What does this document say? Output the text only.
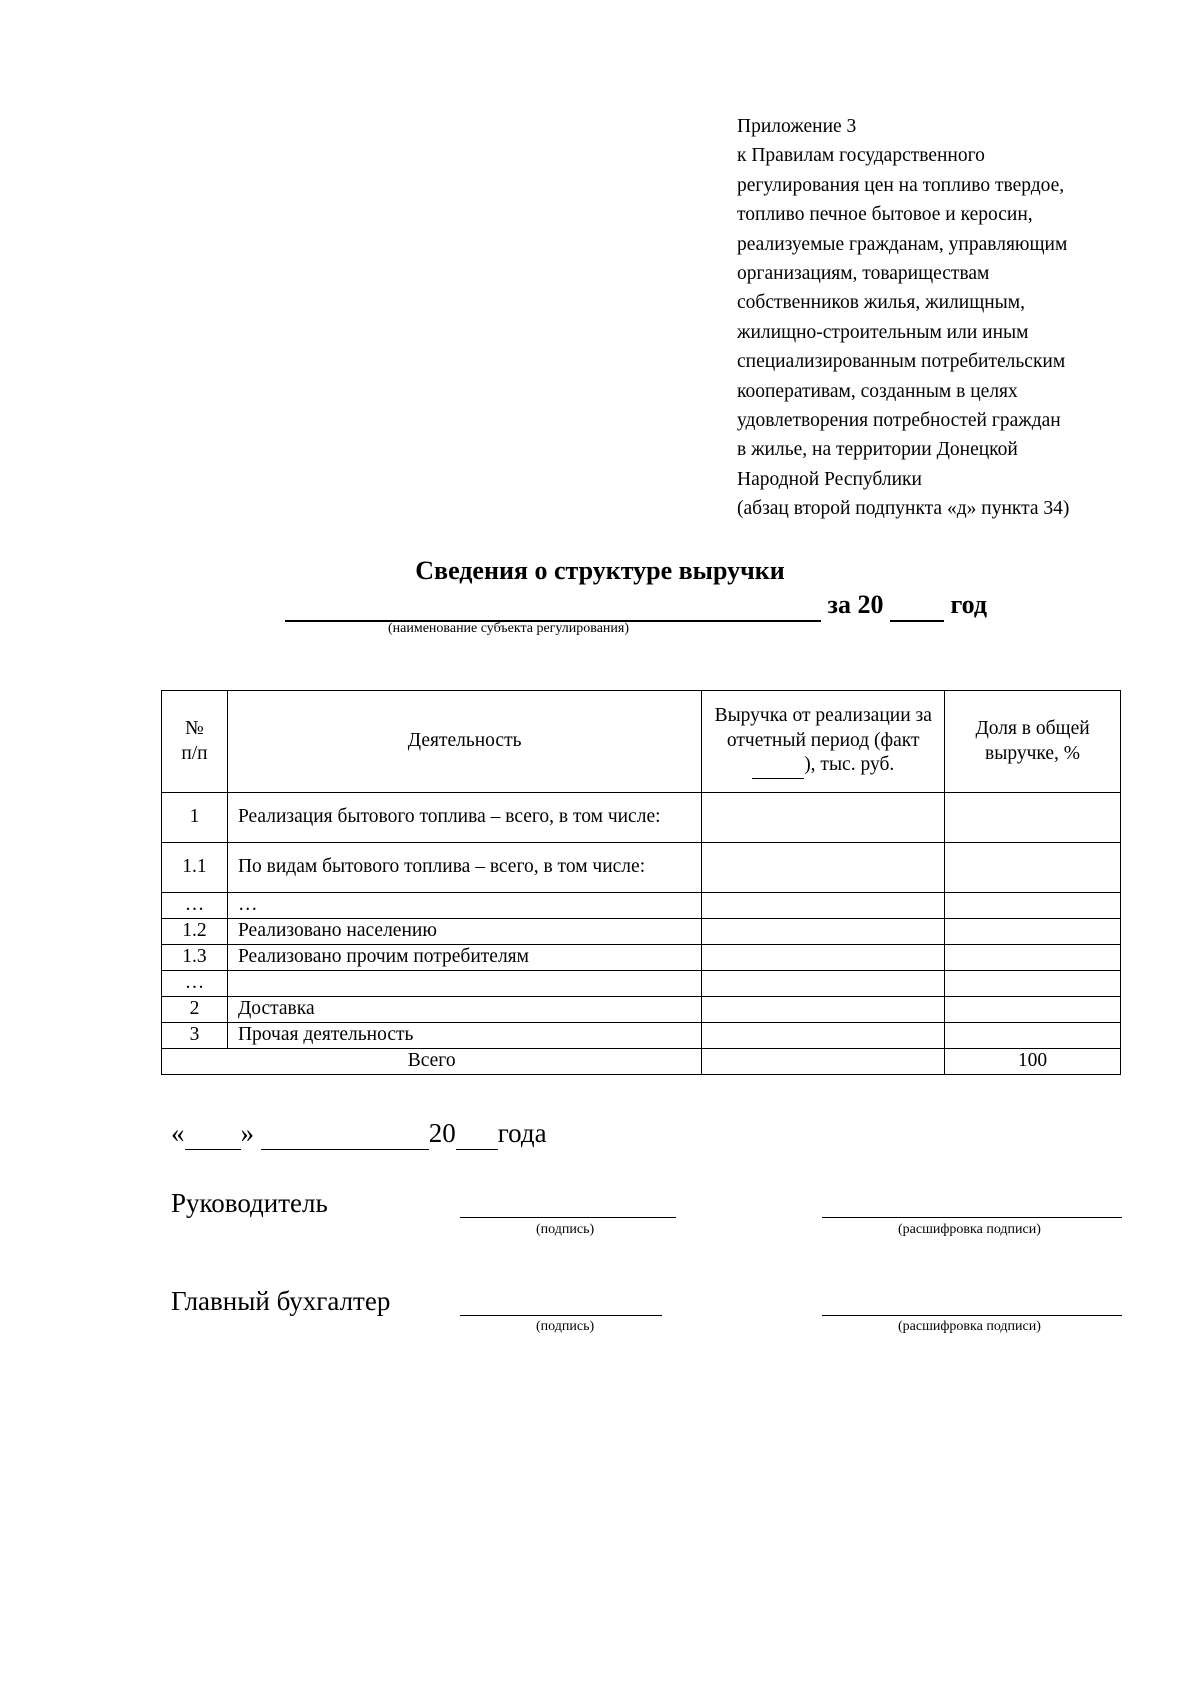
Приложение 3
к Правилам государственного
регулирования цен на топливо твердое,
топливо печное бытовое и керосин,
реализуемые гражданам, управляющим
организациям, товариществам
собственников жилья, жилищным,
жилищно-строительным или иным
специализированным потребительским
кооперативам, созданным в целях
удовлетворения потребностей граждан
в жилье, на территории Донецкой
Народной Республики
(абзац второй подпункта «д» пункта 34)
Сведения о структуре выручки
за 20	год
(наименование субъекта регулирования)
№ п/п	Деятельность	Выручка от реализации за отчетный период (факт  ), тыс. руб.	Доля в общей выручке, %
1	Реализация бытового топлива – всего, в том числе:		
1.1	По видам бытового топлива – всего, в том числе:		
…	…		
1.2	Реализовано населению		
1.3	Реализовано прочим потребителям		
…			
2	Доставка		
3	Прочая деятельность		
Всего			100
« »	20 года
Руководитель
(подпись)	(расшифровка подписи)
Главный бухгалтер
(подпись)	(расшифровка подписи)
